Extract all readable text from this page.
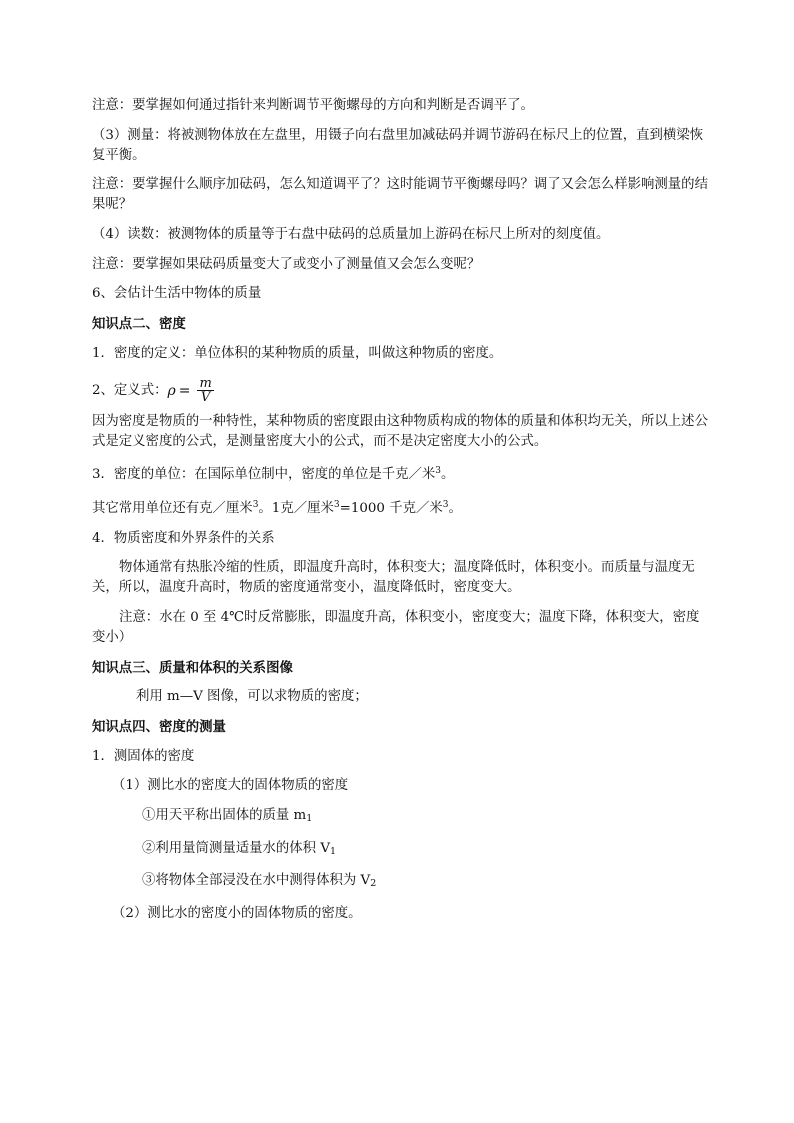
注意：要掌握如何通过指针来判断调节平衡螺母的方向和判断是否调平了。

（3）测量：将被测物体放在左盘里，用镊子向右盘里加减砝码并调节游码在标尺上的位置，直到横梁恢复平衡。

注意：要掌握什么顺序加砝码，怎么知道调平了？这时能调节平衡螺母吗？调了又会怎么样影响测量的结果呢？

（4）读数：被测物体的质量等于右盘中砝码的总质量加上游码在标尺上所对的刻度值。

注意：要掌握如果砝码质量变大了或变小了测量值又会怎么变呢？

6、会估计生活中物体的质量

知识点二、密度

1．密度的定义：单位体积的某种物质的质量，叫做这种物质的密度。

2、定义式： $\rho = \frac{m}{V}$

因为密度是物质的一种特性，某种物质的密度跟由这种物质构成的物体的质量和体积均无关，所以上述公式是定义密度的公式，是测量密度大小的公式，而不是决定密度大小的公式。

3．密度的单位：在国际单位制中，密度的单位是千克／米$^3$。

其它常用单位还有克／厘米$^3$。1克／厘米$^3$=1000 千克／米$^3$。

4．物质密度和外界条件的关系

物体通常有热胀冷缩的性质，即温度升高时，体积变大；温度降低时，体积变小。而质量与温度无关，所以，温度升高时，物质的密度通常变小，温度降低时，密度变大。

注意：水在 0 至 4℃时反常膨胀，即温度升高，体积变小，密度变大；温度下降，体积变大，密度变小）

知识点三、质量和体积的关系图像

利用 m—V 图像，可以求物质的密度；

知识点四、密度的测量

1．测固体的密度

（1）测比水的密度大的固体物质的密度

①用天平称出固体的质量 $m_1$

②利用量筒测量适量水的体积 $V_1$

③将物体全部浸没在水中测得体积为 $V_2$

（2）测比水的密度小的固体物质的密度。
